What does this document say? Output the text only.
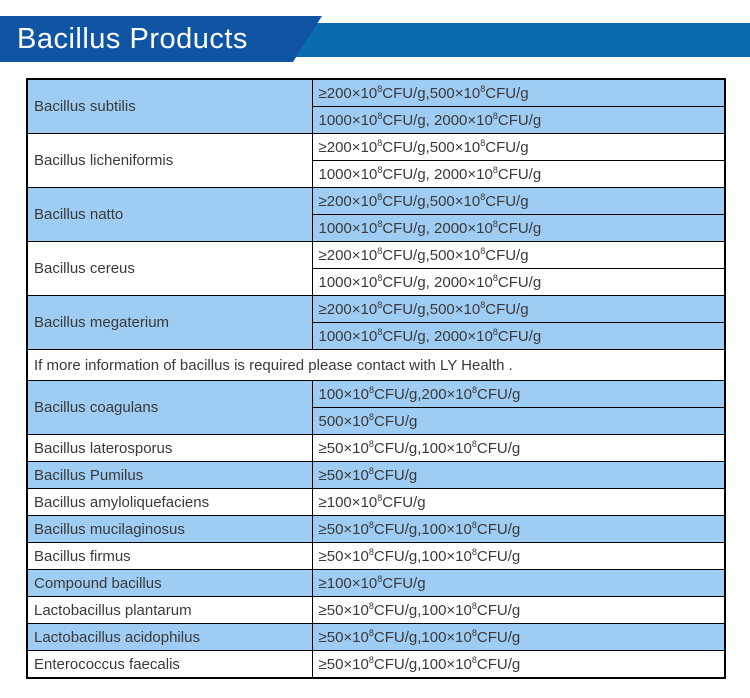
Bacillus Products
Bacillus subtilis	$\ge 200\times 10^8CFU/g,500\times 10^8CFU/g$
	$1000\times 10^8CFU/g$, $2000\times 10^8CFU/g$
Bacillus licheniformis	$\ge 200\times 10^8CFU/g,500\times 10^8CFU/g$
	$1000\times 10^8CFU/g$, $2000\times 10^8CFU/g$
Bacillus natto	$\ge 200\times 10^8CFU/g,500\times 10^8CFU/g$
	$1000\times 10^8CFU/g$, $2000\times 10^8CFU/g$
Bacillus cereus	$\ge 200\times 10^8CFU/g,500\times 10^8CFU/g$
	$1000\times 10^8CFU/g$, $2000\times 10^8CFU/g$
Bacillus megaterium	$\ge 200\times 10^8CFU/g,500\times 10^8CFU/g$
	$1000\times 10^8CFU/g$, $2000\times 10^8CFU/g$
If more information of bacillus is required please contact with LY Health .	
Bacillus coagulans	$100\times 10^8CFU/g,200\times 10^8CFU/g$
	$500\times 10^8CFU/g$
Bacillus laterosporus	$\ge 50\times 10^8CFU/g,100\times 10^8CFU/g$
Bacillus Pumilus	$\ge 50\times 10^8CFU/g$
Bacillus amyloliquefaciens	$\ge 100\times 10^8CFU/g$
Bacillus mucilaginosus	$\ge 50\times 10^8CFU/g,100\times 10^8CFU/g$
Bacillus firmus	$\ge 50\times 10^8CFU/g,100\times 10^8CFU/g$
Compound bacillus	$\ge 100\times 10^8CFU/g$
Lactobacillus plantarum	$\ge 50\times 10^8CFU/g,100\times 10^8CFU/g$
Lactobacillus acidophilus	$\ge 50\times 10^8CFU/g,100\times 10^8CFU/g$
Enterococcus faecalis	$\ge 50\times 10^8CFU/g,100\times 10^8CFU/g$
